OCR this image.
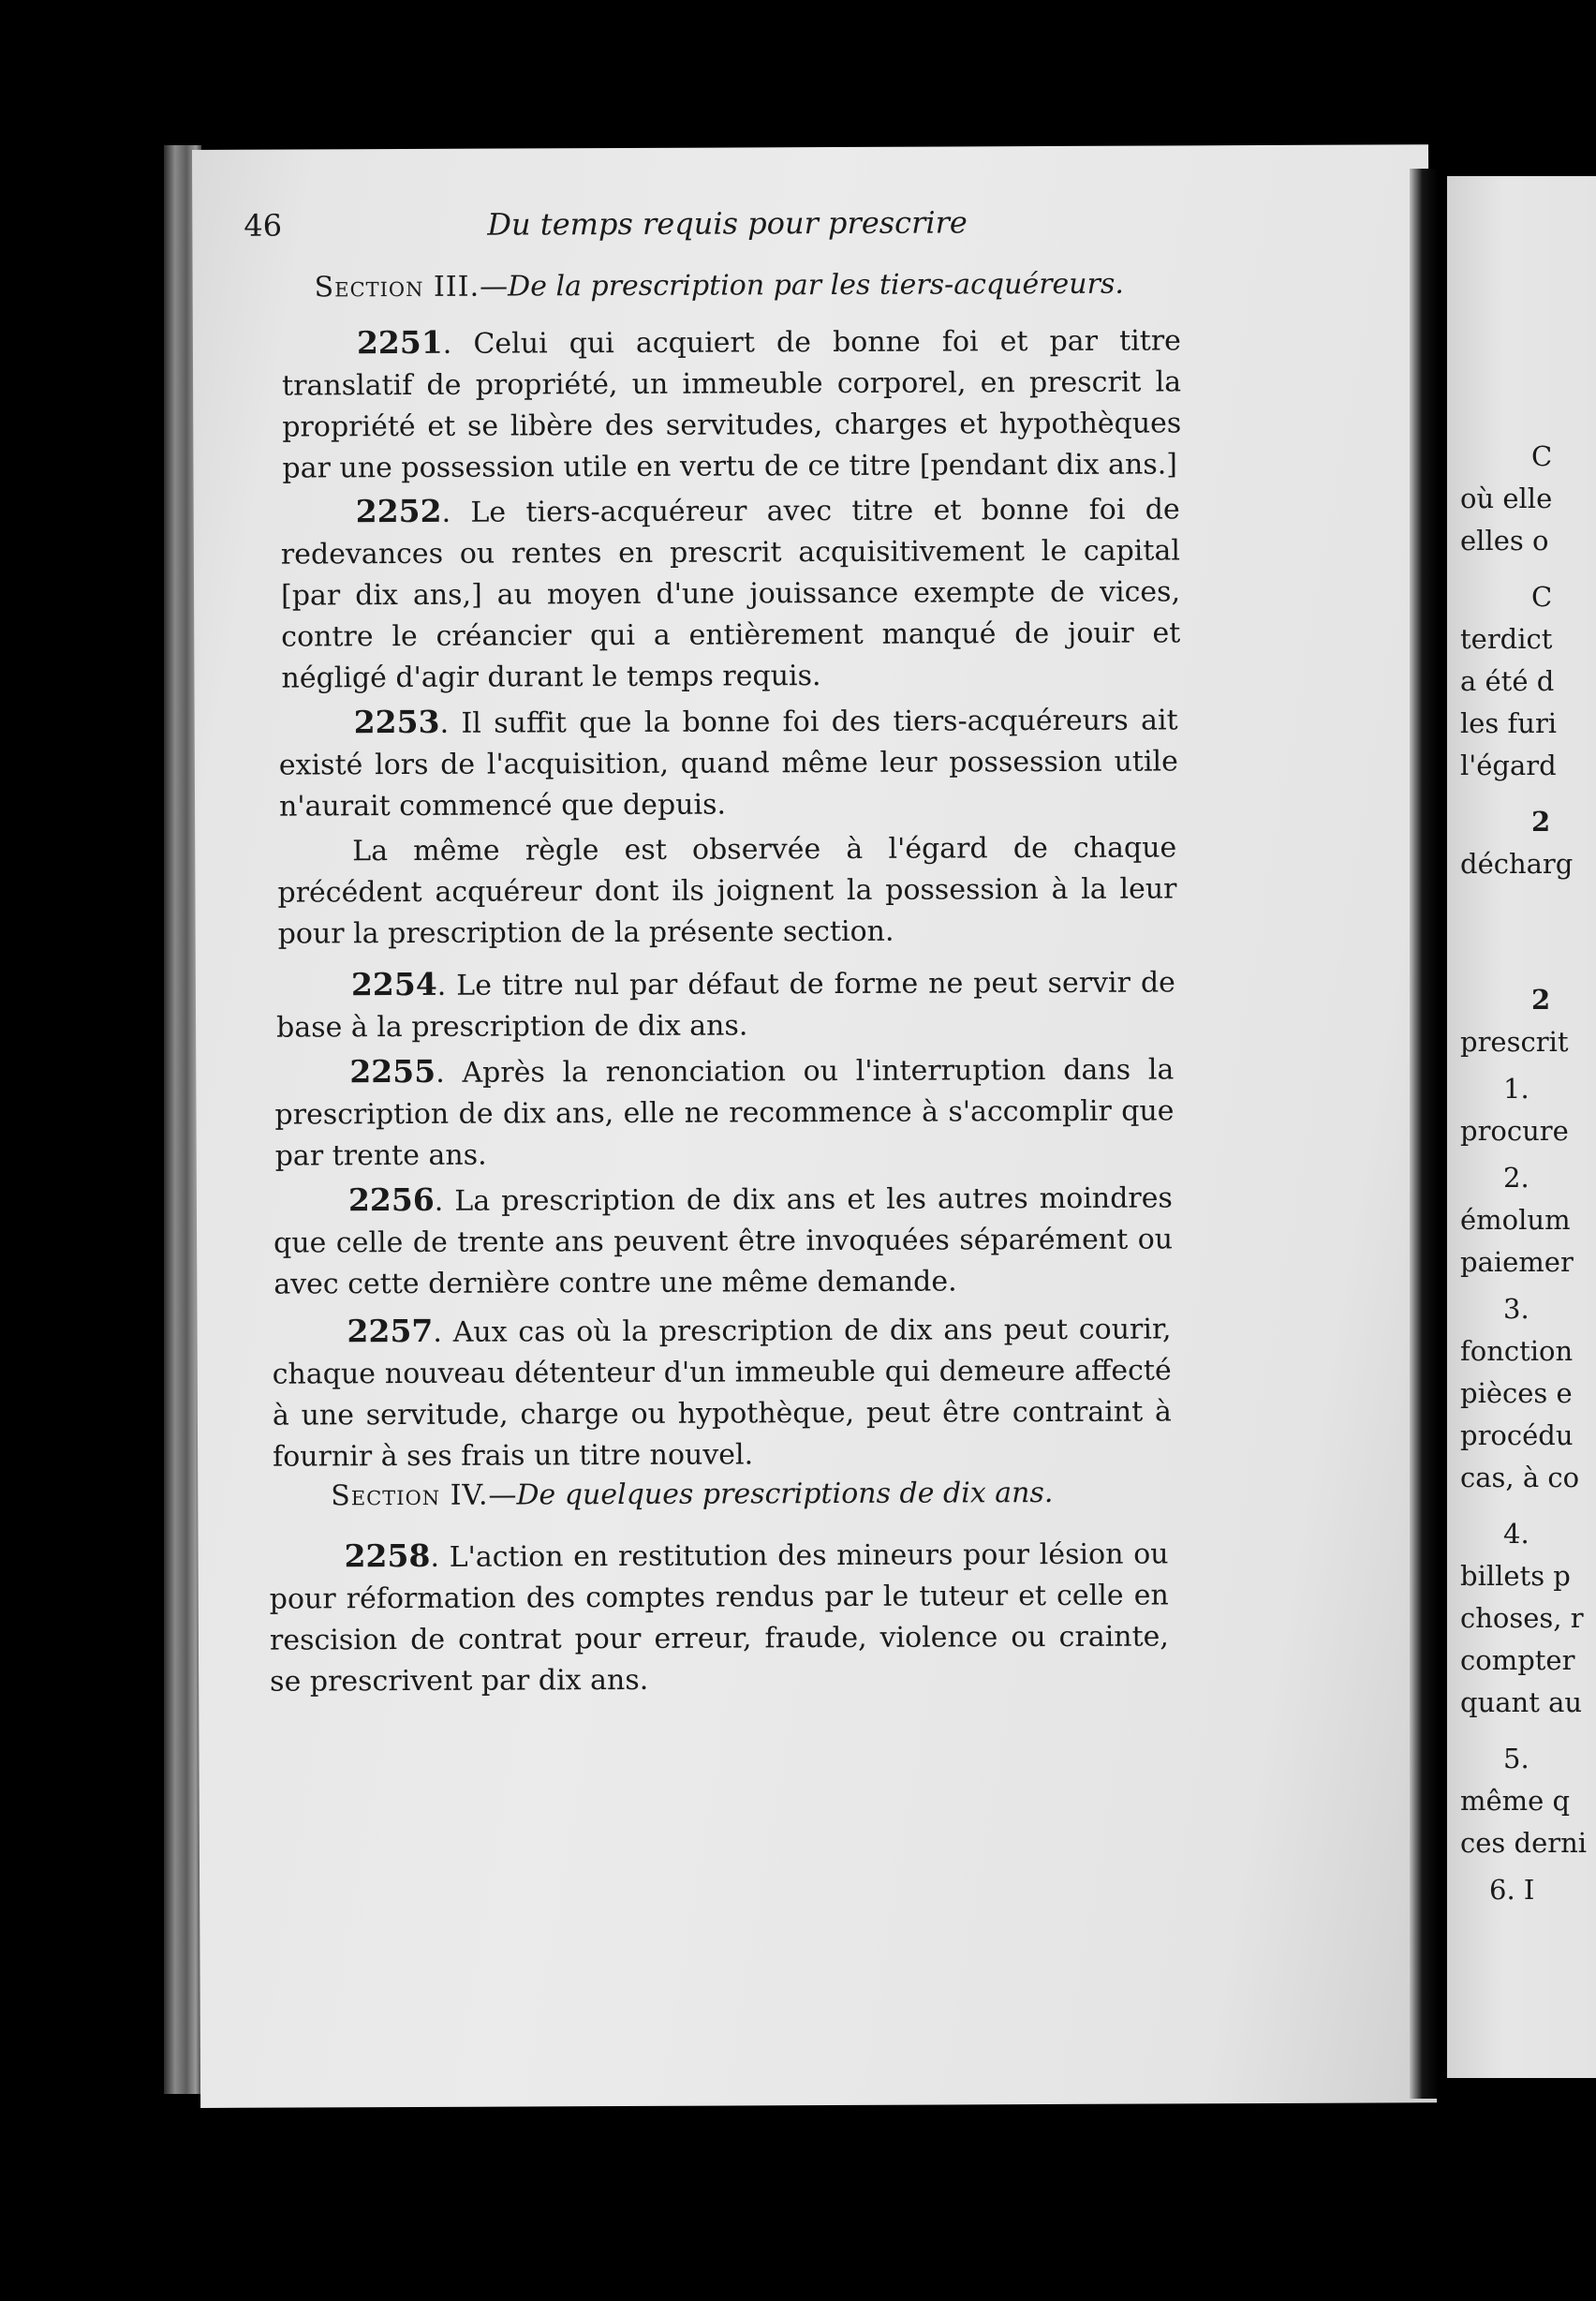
46	Du temps requis pour prescrire
Section III.—De la prescription par les tiers-acquéreurs.
2251. Celui qui acquiert de bonne foi et par titre translatif de propriété, un immeuble corporel, en prescrit la propriété et se libère des servitudes, charges et hypothèques par une possession utile en vertu de ce titre [pendant dix ans.]
2252. Le tiers-acquéreur avec titre et bonne foi de redevances ou rentes en prescrit acquisitivement le capital [par dix ans,] au moyen d'une jouissance exempte de vices, contre le créancier qui a entièrement manqué de jouir et négligé d'agir durant le temps requis.
2253. Il suffit que la bonne foi des tiers-acquéreurs ait existé lors de l'acquisition, quand même leur possession utile n'aurait commencé que depuis.
La même règle est observée à l'égard de chaque précédent acquéreur dont ils joignent la possession à la leur pour la prescription de la présente section.
2254. Le titre nul par défaut de forme ne peut servir de base à la prescription de dix ans.
2255. Après la renonciation ou l'interruption dans la prescription de dix ans, elle ne recommence à s'accomplir que par trente ans.
2256. La prescription de dix ans et les autres moindres que celle de trente ans peuvent être invoquées séparément ou avec cette dernière contre une même demande.
2257. Aux cas où la prescription de dix ans peut courir, chaque nouveau détenteur d'un immeuble qui demeure affecté à une servitude, charge ou hypothèque, peut être contraint à fournir à ses frais un titre nouvel.
Section IV.—De quelques prescriptions de dix ans.
2258. L'action en restitution des mineurs pour lésion ou pour réformation des comptes rendus par le tuteur et celle en rescision de contrat pour erreur, fraude, violence ou crainte, se prescrivent par dix ans.
C
où elle
elles o
C
terdict
a été d
les furi
l'égard
2
décharg
2
prescrit
1.
procure
2.
émolum
paiemer
3.
fonction
pièces e
procédu
cas, à co
4.
billets p
choses, r
compter
quant au
5.
même q
ces derni
6. I
